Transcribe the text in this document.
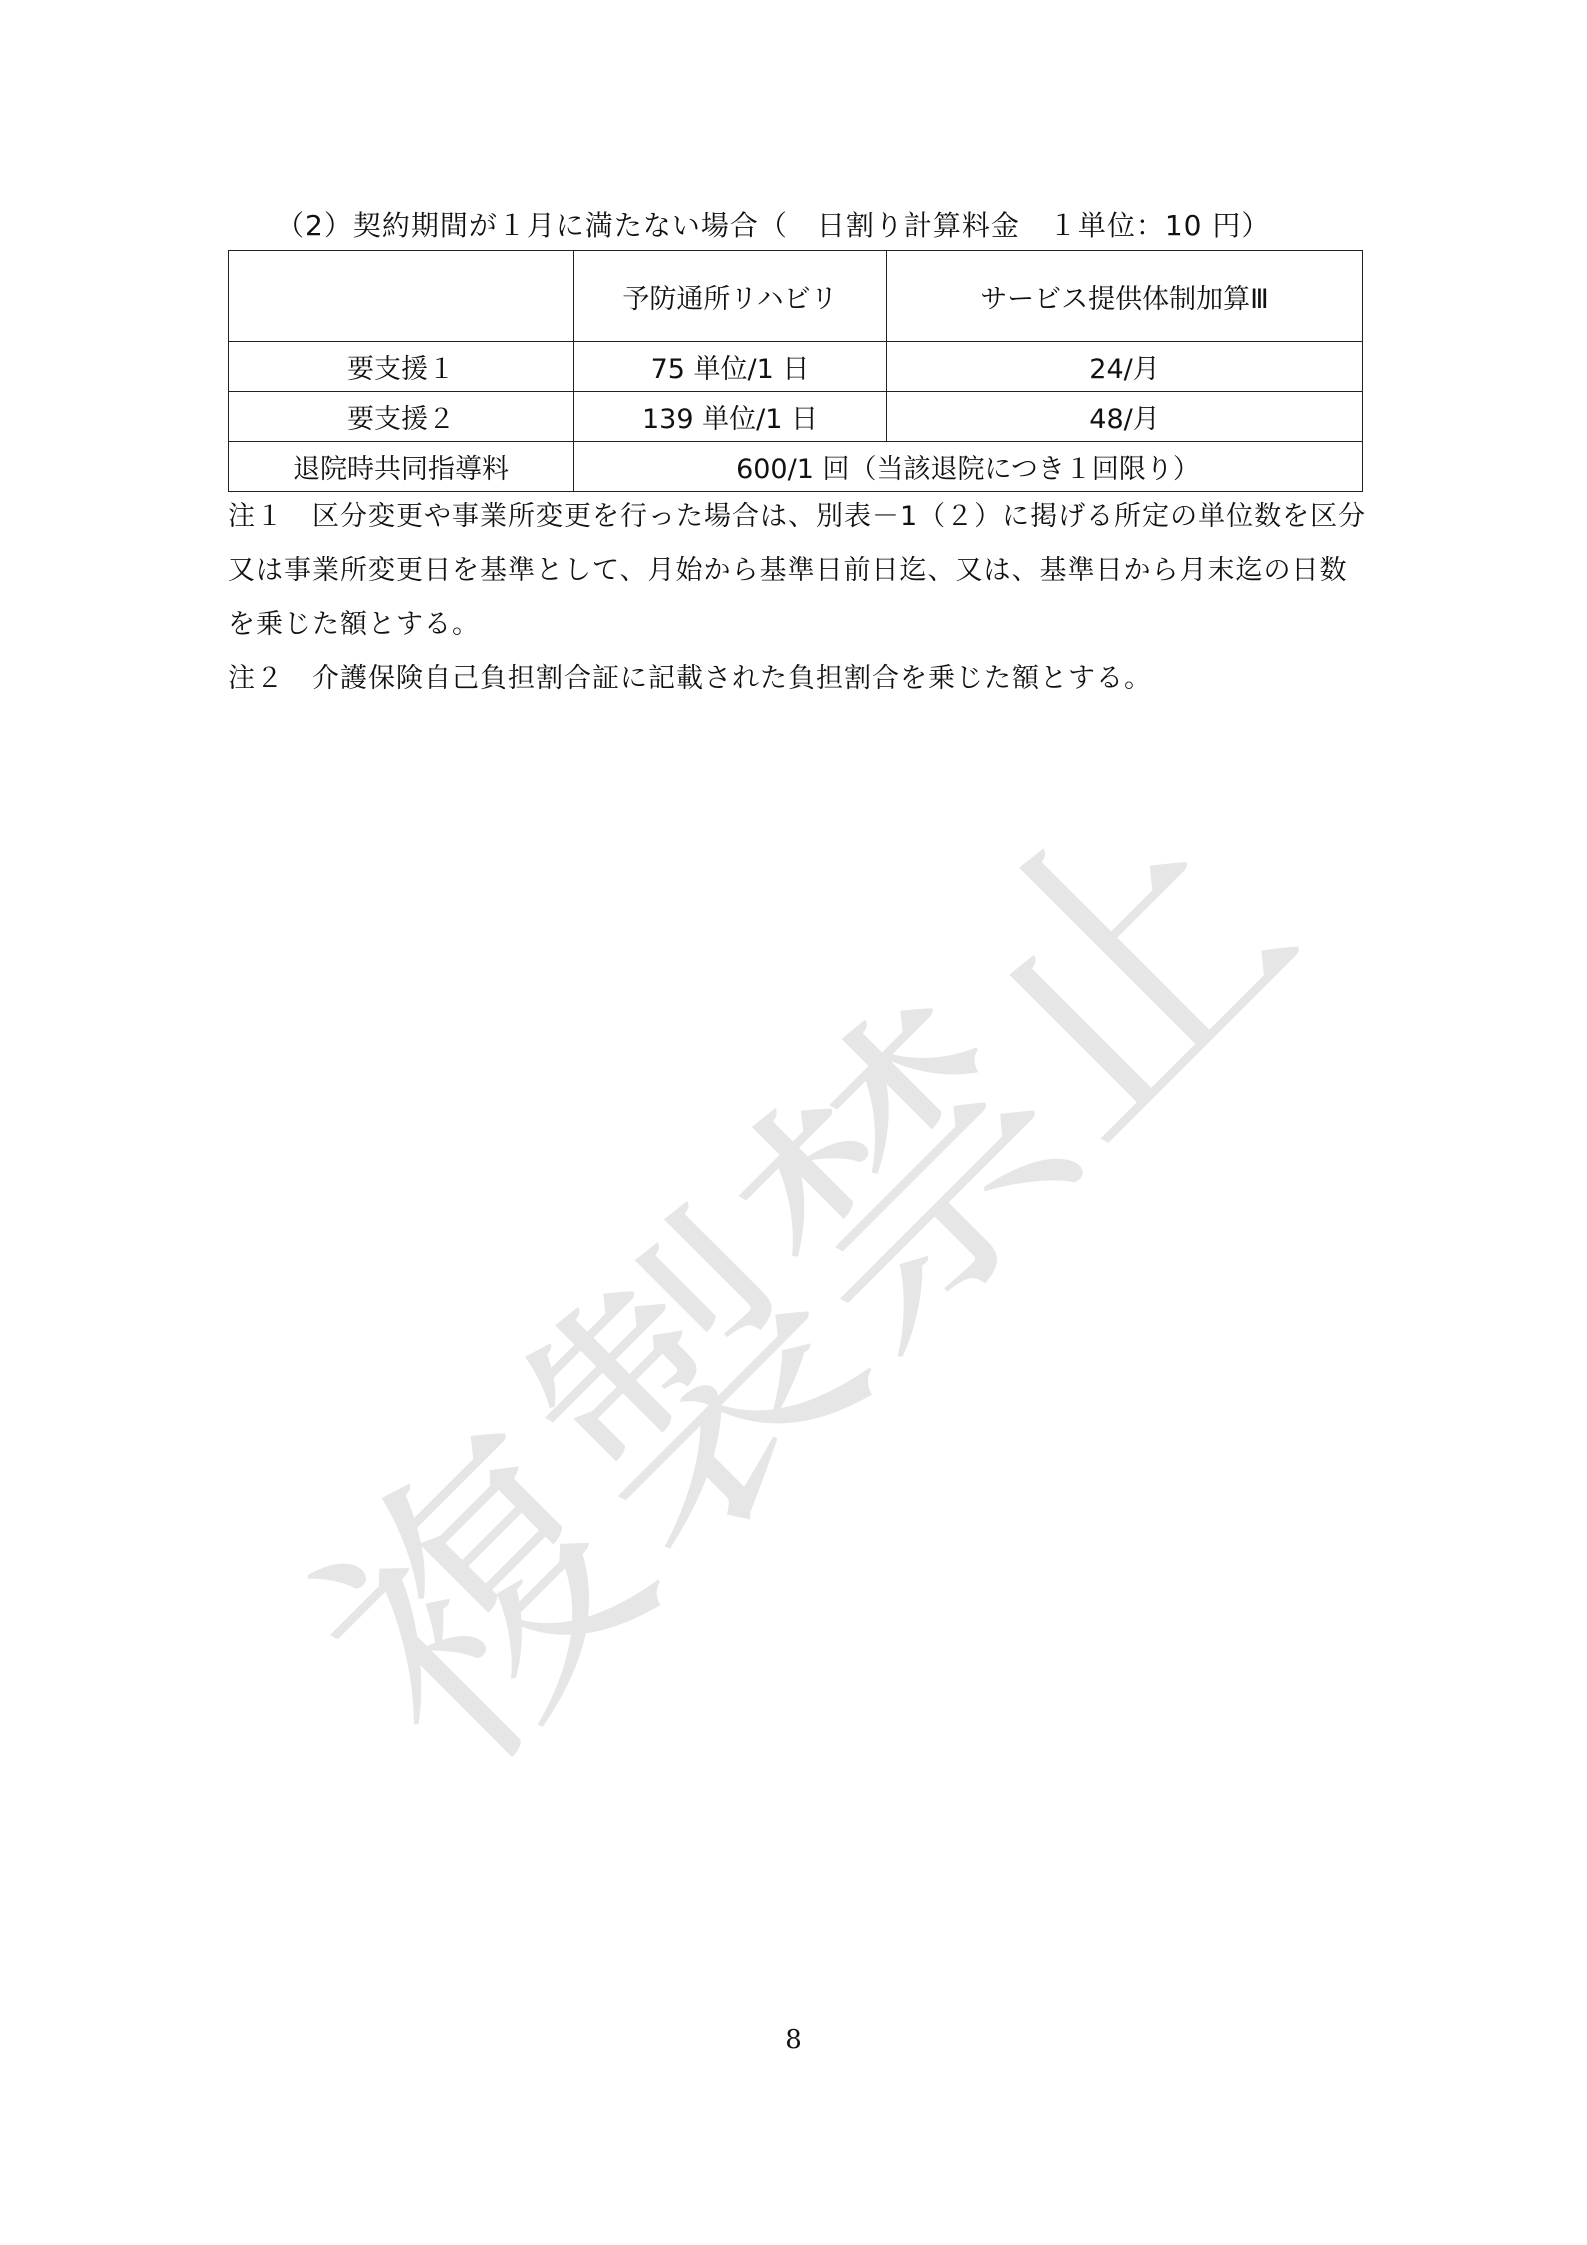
複製禁止
（2）契約期間が１月に満たない場合（　日割り計算料金　１単位：10 円）
	予防通所リハビリ	サービス提供体制加算Ⅲ
要支援１	75 単位/1 日	24/月
要支援２	139 単位/1 日	48/月
退院時共同指導料	600/1 回（当該退院につき１回限り）	

注１　区分変更や事業所変更を行った場合は、別表－1（２）に掲げる所定の単位数を区分又は事業所変更日を基準として、月始から基準日前日迄、又は、基準日から月末迄の日数を乗じた額とする。

注２　介護保険自己負担割合証に記載された負担割合を乗じた額とする。

8
